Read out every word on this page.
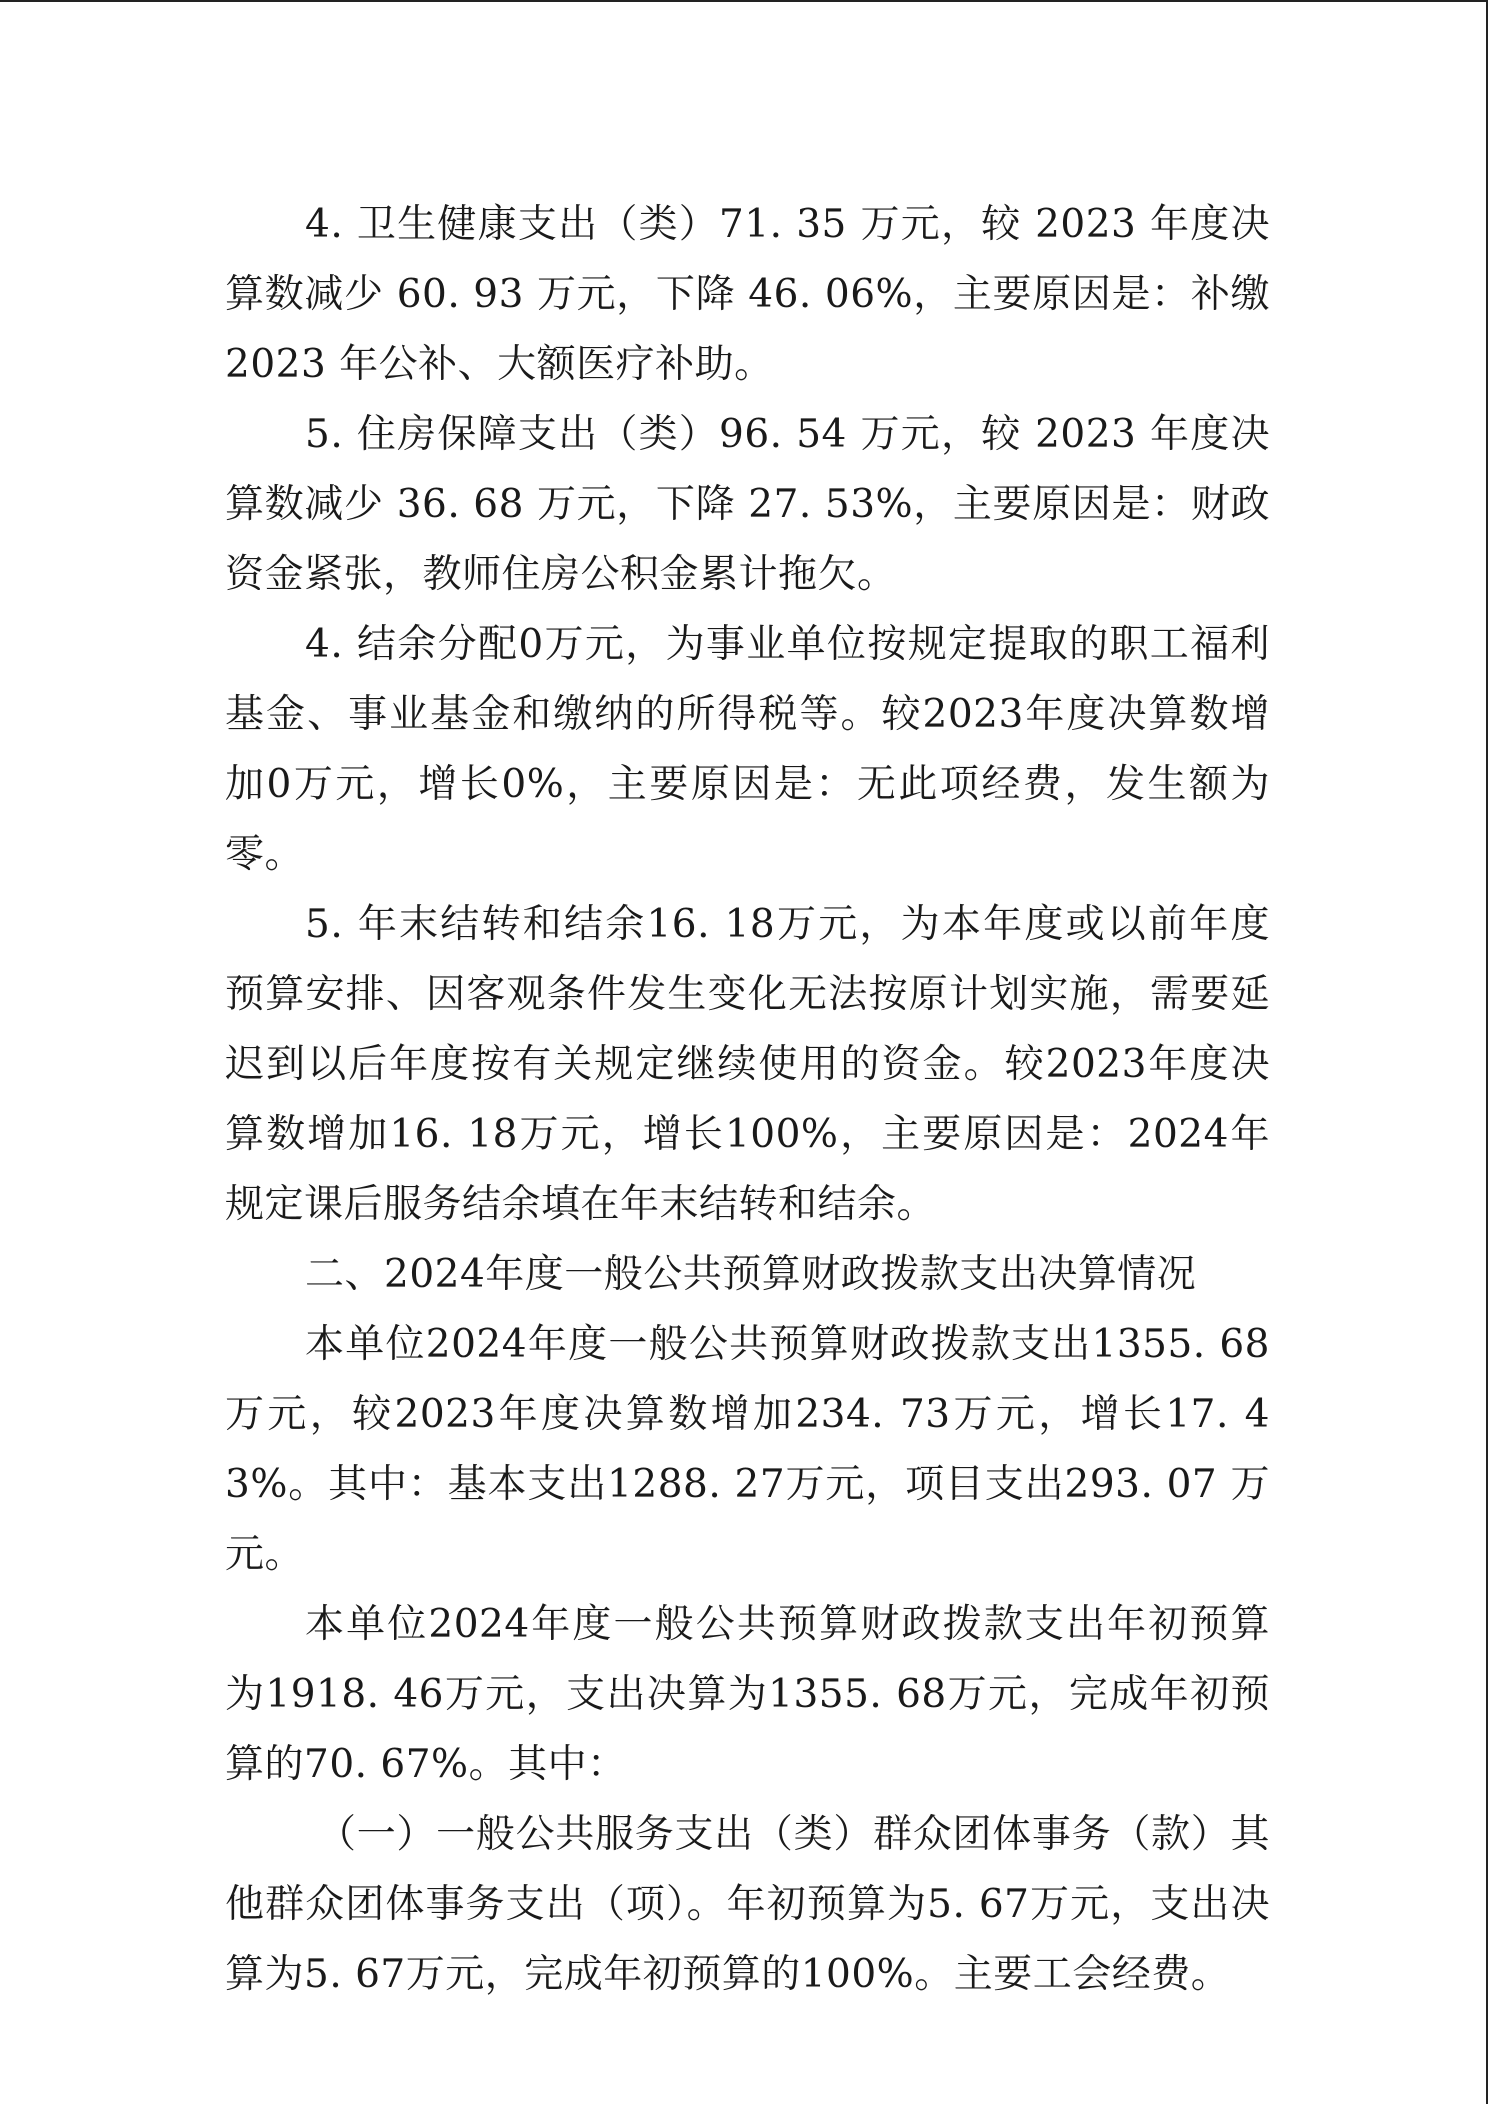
4. 卫生健康支出（类）71. 35 万元，较 2023 年度决算数减少 60. 93 万元，下降 46. 06%，主要原因是：补缴 2023 年公补、大额医疗补助。

5. 住房保障支出（类）96. 54 万元，较 2023 年度决算数减少 36. 68 万元，下降 27. 53%，主要原因是：财政资金紧张，教师住房公积金累计拖欠。

4. 结余分配0万元，为事业单位按规定提取的职工福利基金、事业基金和缴纳的所得税等。较2023年度决算数增加0万元，增长0%，主要原因是：无此项经费，发生额为零。

5. 年末结转和结余16. 18万元，为本年度或以前年度预算安排、因客观条件发生变化无法按原计划实施，需要延迟到以后年度按有关规定继续使用的资金。较2023年度决算数增加16. 18万元，增长100%，主要原因是：2024年规定课后服务结余填在年末结转和结余。

二、2024年度一般公共预算财政拨款支出决算情况

本单位2024年度一般公共预算财政拨款支出1355. 68万元，较2023年度决算数增加234. 73万元，增长17. 43%。其中：基本支出1288. 27万元，项目支出293. 07 万元。

本单位2024年度一般公共预算财政拨款支出年初预算为1918. 46万元，支出决算为1355. 68万元，完成年初预算的70. 67%。其中：

（一）一般公共服务支出（类）群众团体事务（款）其他群众团体事务支出（项）。年初预算为5. 67万元，支出决算为5. 67万元，完成年初预算的100%。主要工会经费。
